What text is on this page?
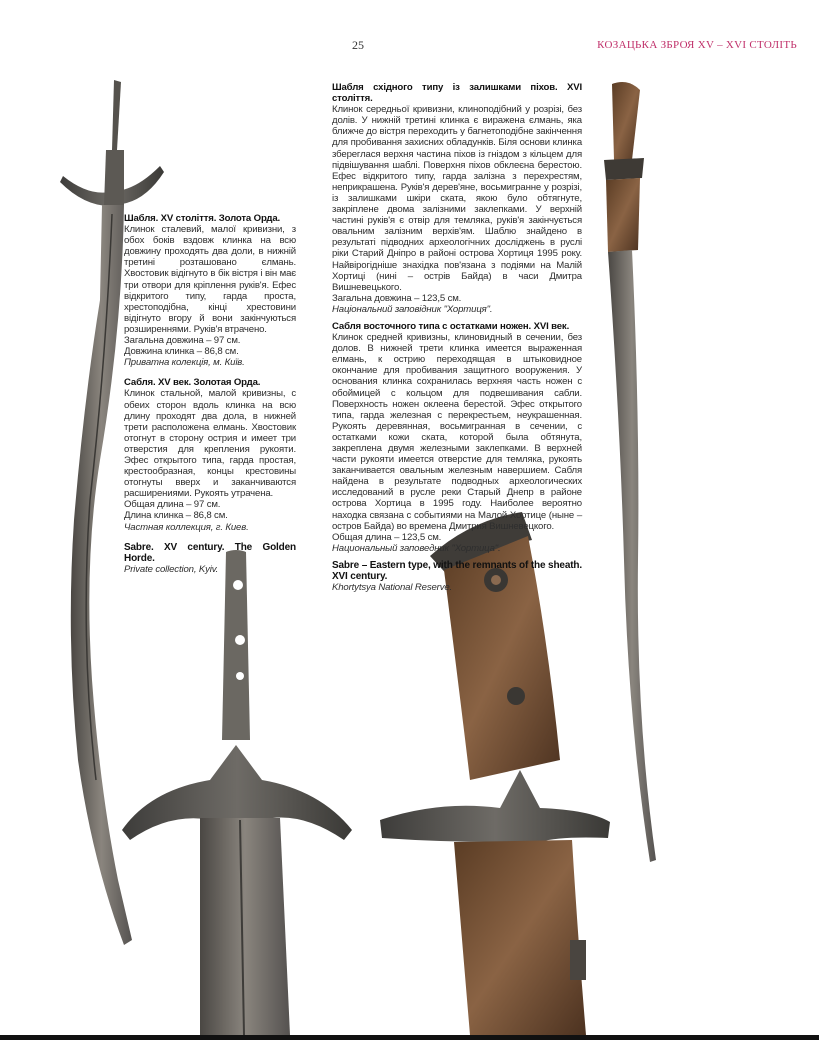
25	КОЗАЦЬКА ЗБРОЯ XV – XVI СТОЛІТЬ

Шабля. XV століття. Золота Орда.

Клинок сталевий, малої кривизни, з обох боків вздовж клинка на всю довжину проходять два доли, в нижній третині розташовано єлмань. Хвостовик відігнуто в бік вістря і він має три отвори для кріплення руків'я. Ефес відкритого типу, гарда проста, хрестоподібна, кінці хрестовини відігнуто вгору й вони закінчуються розширеннями. Руків'я втрачено.

Загальна довжина – 97 см.

Довжина клинка – 86,8 см.

Приватна колекція, м. Київ.

Сабля. XV век. Золотая Орда.

Клинок стальной, малой кривизны, с обеих сторон вдоль клинка на всю длину проходят два дола, в нижней трети расположена елмань. Хвостовик отогнут в сторону острия и имеет три отверстия для крепления рукояти. Эфес открытого типа, гарда простая, крестообразная, концы крестовины отогнуты вверх и заканчиваются расширениями. Рукоять утрачена.

Общая длина – 97 см.

Длина клинка – 86,8 см.

Частная коллекция, г. Киев.

Sabre. XV century. The Golden Horde.

Private collection, Kyiv.

Шабля східного типу із залишками піхов. XVI століття.

Клинок середньої кривизни, клиноподібний у розрізі, без долів. У нижній третині клинка є виражена єлмань, яка ближче до вістря переходить у багнетоподібне закінчення для пробивання захисних обладунків. Біля основи клинка збереглася верхня частина піхов із гніздом з кільцем для підвішування шаблі. Поверхня піхов обклеєна берестою. Ефес відкритого типу, гарда залізна з перехрестям, неприкрашена. Руків'я дерев'яне, восьмигранне у розрізі, із залишками шкіри ската, якою було обтягнуте, закріплене двома залізними заклепками. У верхній частині руків'я є отвір для темляка, руків'я закінчується овальним залізним верхів'ям. Шаблю знайдено в результаті підводних археологічних досліджень в руслі ріки Старий Дніпро в районі острова Хортиця 1995 року. Найвірогідніше знахідка пов'язана з подіями на Малій Хортиці (нині – острів Байда) в часи Дмитра Вишневецького.

Загальна довжина – 123,5 см.

Національний заповідник "Хортиця".

Сабля восточного типа с остатками ножен. XVI век.

Клинок средней кривизны, клиновидный в сечении, без долов. В нижней трети клинка имеется выраженная елмань, к острию переходящая в штыковидное окончание для пробивания защитного вооружения. У основания клинка сохранилась верхняя часть ножен с обоймицей с кольцом для подвешивания сабли. Поверхность ножен оклеена берестой. Эфес открытого типа, гарда железная с перекрестьем, неукрашенная. Рукоять деревянная, восьмигранная в сечении, с остатками кожи ската, которой была обтянута, закреплена двумя железными заклепками. В верхней части рукояти имеется отверстие для темляка, рукоять заканчивается овальным железным навершием. Сабля найдена в результате подводных археологических исследований в русле реки Старый Днепр в районе острова Хортица в 1995 году. Наиболее вероятно находка связана с событиями на Малой Хортице (ныне – остров Байда) во времена Дмитрия Вишневецкого.

Общая длина – 123,5 см.

Национальный заповедник "Хортица".

Sabre – Eastern type, with the remnants of the sheath. XVI century.

Khortytsya National Reserve.
